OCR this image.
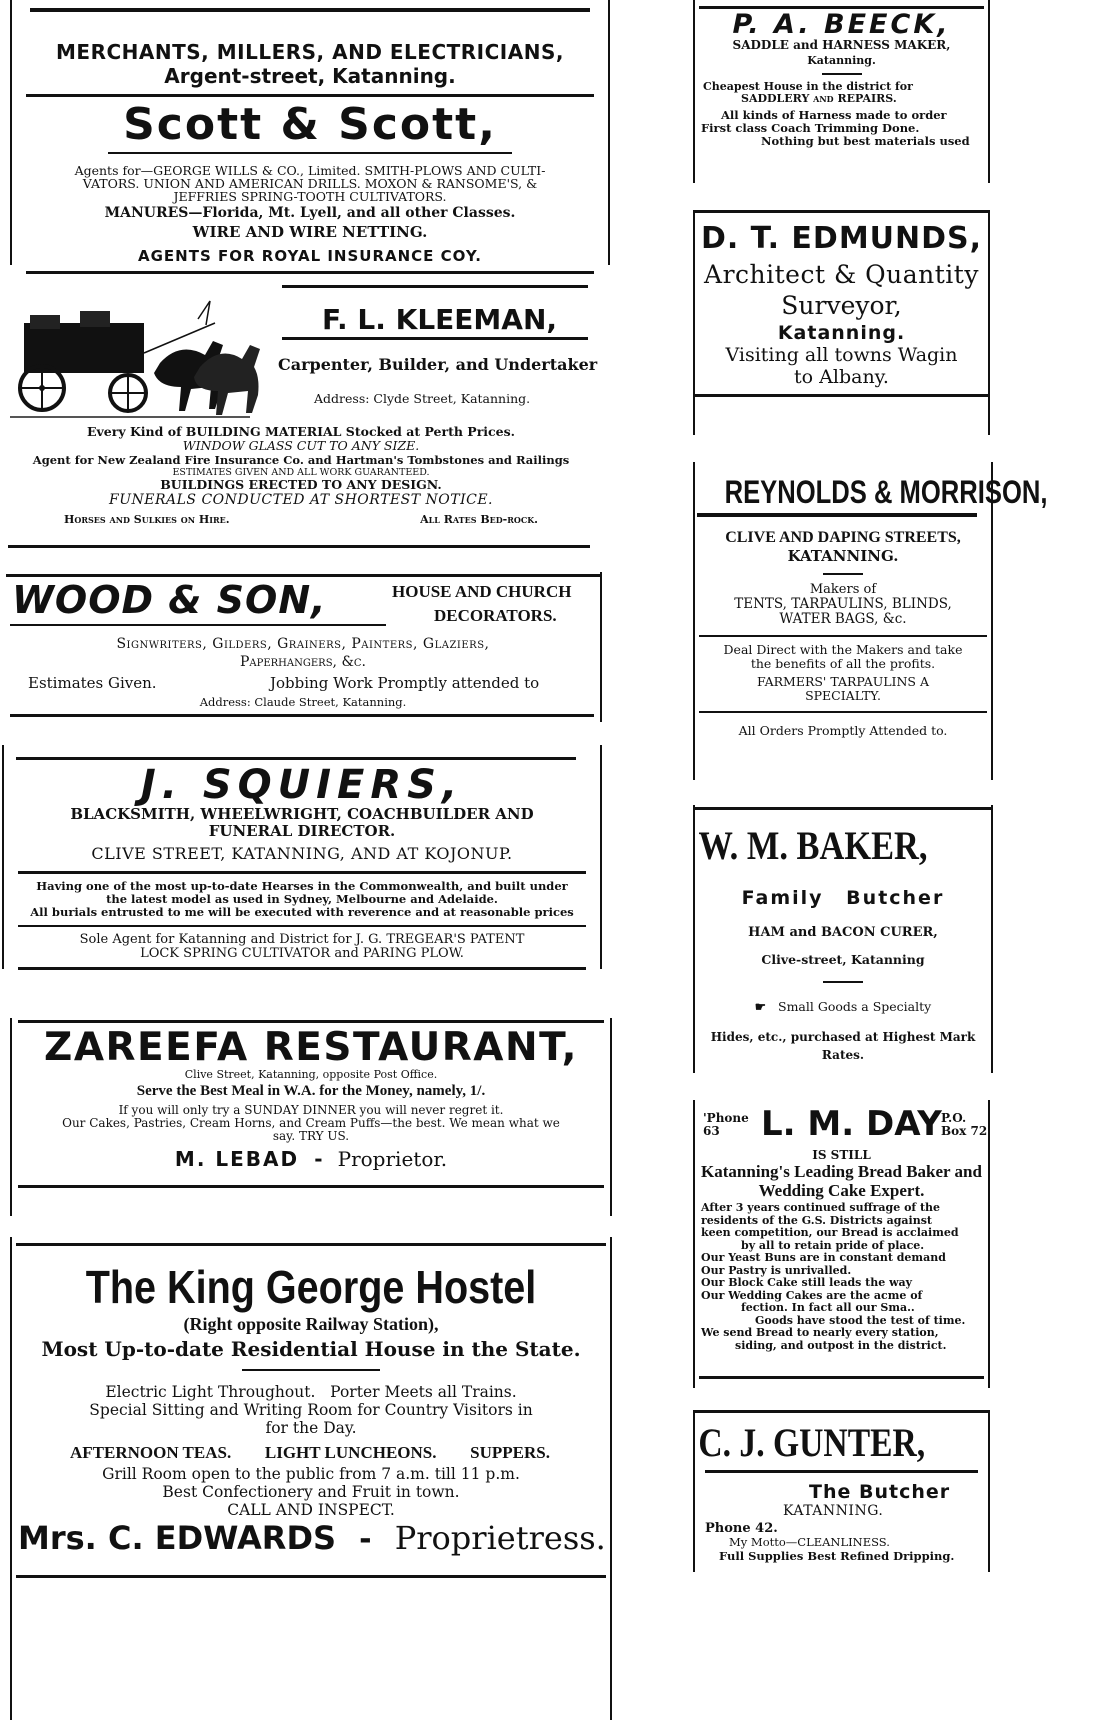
MERCHANTS, MILLERS, AND ELECTRICIANS,
Argent-street, Katanning.
Scott & Scott,
Agents for—GEORGE WILLS & CO., Limited. SMITH-PLOWS AND CULTI-
VATORS. UNION AND AMERICAN DRILLS. MOXON & RANSOME'S, &
JEFFRIES SPRING-TOOTH CULTIVATORS.
MANURES—Florida, Mt. Lyell, and all other Classes.
WIRE AND WIRE NETTING.
AGENTS FOR ROYAL INSURANCE COY.
F. L. KLEEMAN,
Carpenter, Builder, and Undertaker
Address: Clyde Street, Katanning.
Every Kind of BUILDING MATERIAL Stocked at Perth Prices.
WINDOW GLASS CUT TO ANY SIZE.
Agent for New Zealand Fire Insurance Co. and Hartman's Tombstones and Railings
ESTIMATES GIVEN AND ALL WORK GUARANTEED.
BUILDINGS ERECTED TO ANY DESIGN.
FUNERALS CONDUCTED AT SHORTEST NOTICE.
Horses and Sulkies on Hire.	All Rates Bed-rock.
WOOD & SON,	HOUSE AND CHURCH
DECORATORS.
Signwriters, Gilders, Grainers, Painters, Glaziers,
Paperhangers, &c.
Estimates Given.	Jobbing Work Promptly attended to
Address: Claude Street, Katanning.
J. SQUIERS,
BLACKSMITH, WHEELWRIGHT, COACHBUILDER AND
FUNERAL DIRECTOR.
CLIVE STREET, KATANNING, AND AT KOJONUP.
Having one of the most up-to-date Hearses in the Commonwealth, and built under
the latest model as used in Sydney, Melbourne and Adelaide.
All burials entrusted to me will be executed with reverence and at reasonable prices
Sole Agent for Katanning and District for J. G. TREGEAR'S PATENT
LOCK SPRING CULTIVATOR and PARING PLOW.
ZAREEFA RESTAURANT,
Clive Street, Katanning, opposite Post Office.
Serve the Best Meal in W.A. for the Money, namely, 1/.
If you will only try a SUNDAY DINNER you will never regret it.
Our Cakes, Pastries, Cream Horns, and Cream Puffs—the best. We mean what we
say. TRY US.
M. LEBAD - Proprietor.
The King George Hostel
(Right opposite Railway Station),
Most Up-to-date Residential House in the State.
Electric Light Throughout.   Porter Meets all Trains.
Special Sitting and Writing Room for Country Visitors in
for the Day.
AFTERNOON TEAS. LIGHT LUNCHEONS. SUPPERS.
Grill Room open to the public from 7 a.m. till 11 p.m.
Best Confectionery and Fruit in town.
CALL AND INSPECT.
Mrs. C. EDWARDS - Proprietress.
P. A. BEECK,
SADDLE and HARNESS MAKER,
Katanning.
Cheapest House in the district for
SADDLERY and REPAIRS.
All kinds of Harness made to order
First class Coach Trimming Done.
Nothing but best materials used
D. T. EDMUNDS,
Architect & Quantity
Surveyor,
Katanning.
Visiting all towns Wagin
to Albany.
REYNOLDS & MORRISON,
CLIVE AND DAPING STREETS,
KATANNING.
Makers of
TENTS, TARPAULINS, BLINDS,
WATER BAGS, &c.
Deal Direct with the Makers and take
the benefits of all the profits.
FARMERS' TARPAULINS A
SPECIALTY.
All Orders Promptly Attended to.
W. M. BAKER,
Family Butcher
HAM and BACON CURER,
Clive-street, Katanning
☛ Small Goods a Specialty
Hides, etc., purchased at Highest Mark
Rates.
'Phone 63	L. M. DAY P.O. Box 72
IS STILL
Katanning's Leading Bread Baker and Wedding Cake Expert.
After 3 years continued suffrage of the
residents of the G.S. Districts against
keen competition, our Bread is acclaimed
by all to retain pride of place.
Our Yeast Buns are in constant demand
Our Pastry is unrivalled.
Our Block Cake still leads the way
Our Wedding Cakes are the acme of
fection. In fact all our Sma..
Goods have stood the test of time.
We send Bread to nearly every station,
siding, and outpost in the district.
C. J. GUNTER,
The Butcher
KATANNING.
Phone 42.
My Motto—CLEANLINESS.
Full Supplies Best Refined Dripping.
